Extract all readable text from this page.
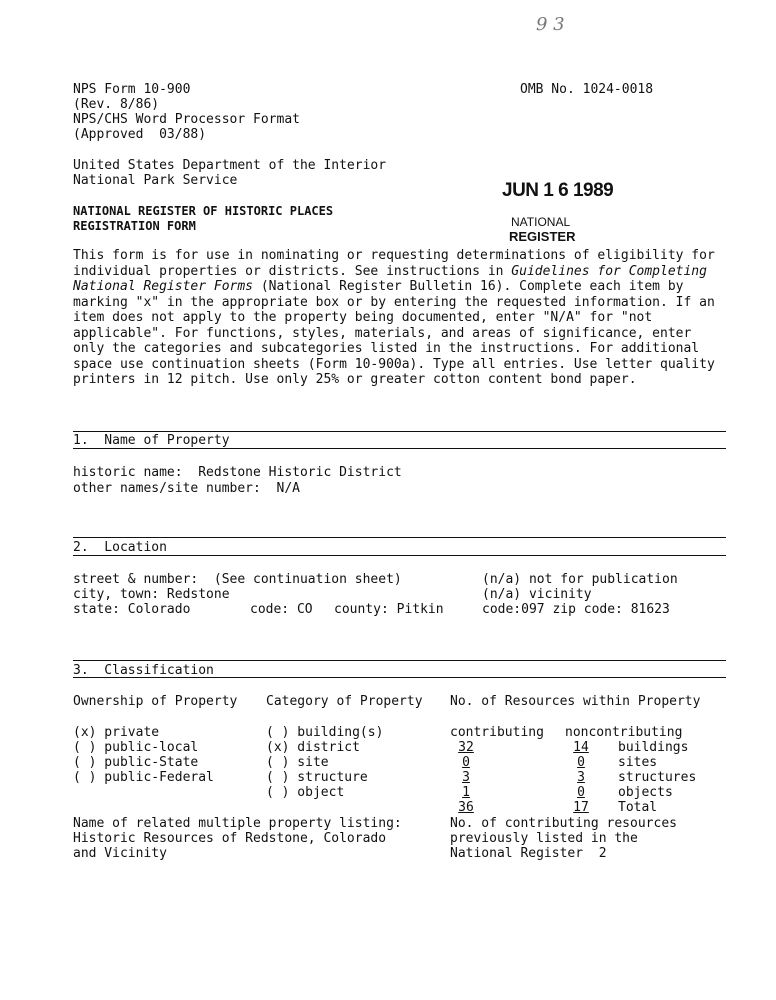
9 3
NPS Form 10-900
(Rev. 8/86)
NPS/CHS Word Processor Format
(Approved  03/88)
OMB No. 1024-0018
United States Department of the Interior
National Park Service
NATIONAL REGISTER OF HISTORIC PLACES
REGISTRATION FORM
JUN 1 6 1989
NATIONAL
REGISTER
This form is for use in nominating or requesting determinations of eligibility for individual properties or districts. See instructions in Guidelines for Completing National Register Forms (National Register Bulletin 16). Complete each item by marking "x" in the appropriate box or by entering the requested information. If an item does not apply to the property being documented, enter "N/A" for "not applicable". For functions, styles, materials, and areas of significance, enter only the categories and subcategories listed in the instructions. For additional space use continuation sheets (Form 10-900a). Type all entries. Use letter quality printers in 12 pitch. Use only 25% or greater cotton content bond paper.
1.  Name of Property
historic name:  Redstone Historic District
other names/site number:  N/A
2.  Location
street & number:  (See continuation sheet)
city, town: Redstone
state: Colorado	code: CO county: Pitkin
(n/a) not for publication
(n/a) vicinity
code:097 zip code: 81623
3.  Classification
Ownership of Property Category of Property No. of Resources within Property
(x) private
( ) public-local
( ) public-State
( ) public-Federal
( ) building(s)
(x) district
( ) site
( ) structure
( ) object
contributing noncontributing
32	14	buildings
0	0	sites
3	3	structures
1	0	objects
36	17	Total
Name of related multiple property listing:
Historic Resources of Redstone, Colorado
and Vicinity
No. of contributing resources
previously listed in the
National Register  2
